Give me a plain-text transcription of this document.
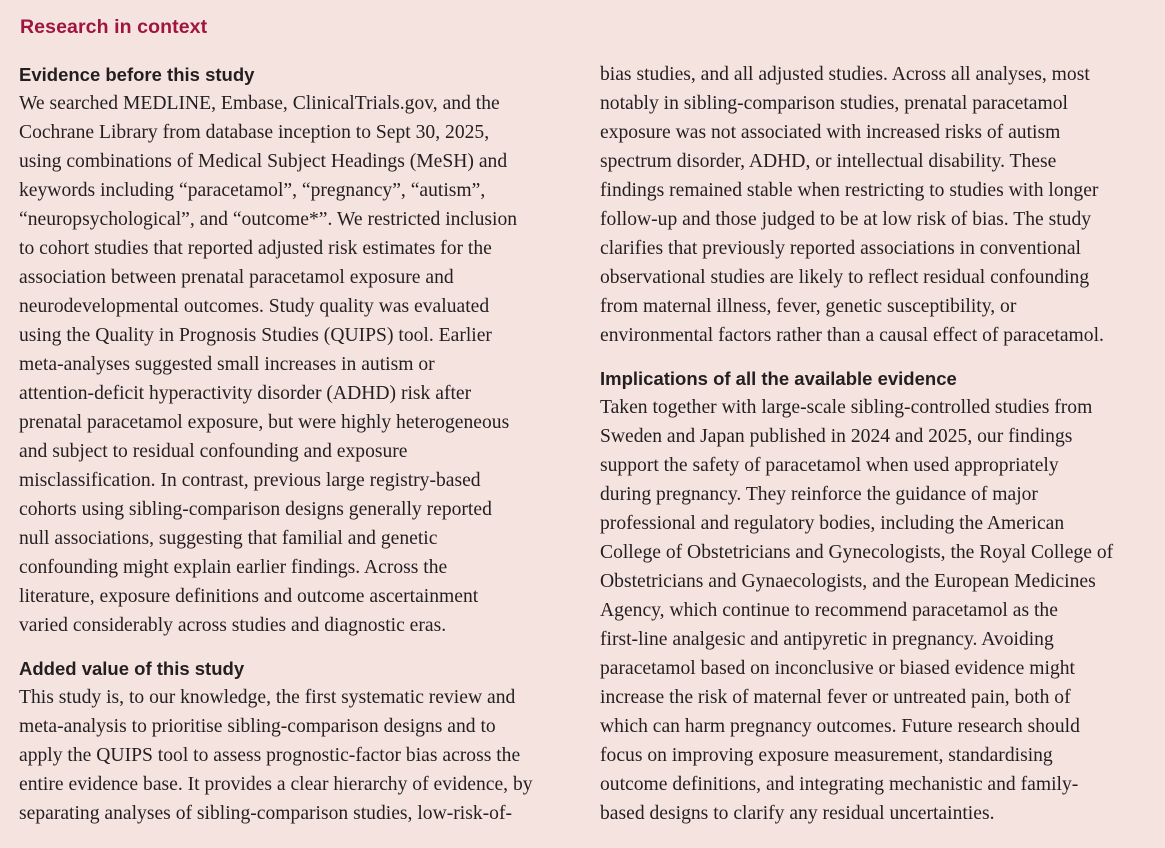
Research in context
Evidence before this study
We searched MEDLINE, Embase, ClinicalTrials.gov, and the
Cochrane Library from database inception to Sept 30, 2025,
using combinations of Medical Subject Headings (MeSH) and
keywords including “paracetamol”, “pregnancy”, “autism”,
“neuropsychological”, and “outcome*”. We restricted inclusion
to cohort studies that reported adjusted risk estimates for the
association between prenatal paracetamol exposure and
neurodevelopmental outcomes. Study quality was evaluated
using the Quality in Prognosis Studies (QUIPS) tool. Earlier
meta-analyses suggested small increases in autism or
attention-deficit hyperactivity disorder (ADHD) risk after
prenatal paracetamol exposure, but were highly heterogeneous
and subject to residual confounding and exposure
misclassification. In contrast, previous large registry-based
cohorts using sibling-comparison designs generally reported
null associations, suggesting that familial and genetic
confounding might explain earlier findings. Across the
literature, exposure definitions and outcome ascertainment
varied considerably across studies and diagnostic eras.
Added value of this study
This study is, to our knowledge, the first systematic review and
meta-analysis to prioritise sibling-comparison designs and to
apply the QUIPS tool to assess prognostic-factor bias across the
entire evidence base. It provides a clear hierarchy of evidence, by
separating analyses of sibling-comparison studies, low-risk-of-
bias studies, and all adjusted studies. Across all analyses, most
notably in sibling-comparison studies, prenatal paracetamol
exposure was not associated with increased risks of autism
spectrum disorder, ADHD, or intellectual disability. These
findings remained stable when restricting to studies with longer
follow-up and those judged to be at low risk of bias. The study
clarifies that previously reported associations in conventional
observational studies are likely to reflect residual confounding
from maternal illness, fever, genetic susceptibility, or
environmental factors rather than a causal effect of paracetamol.
Implications of all the available evidence
Taken together with large-scale sibling-controlled studies from
Sweden and Japan published in 2024 and 2025, our findings
support the safety of paracetamol when used appropriately
during pregnancy. They reinforce the guidance of major
professional and regulatory bodies, including the American
College of Obstetricians and Gynecologists, the Royal College of
Obstetricians and Gynaecologists, and the European Medicines
Agency, which continue to recommend paracetamol as the
first-line analgesic and antipyretic in pregnancy. Avoiding
paracetamol based on inconclusive or biased evidence might
increase the risk of maternal fever or untreated pain, both of
which can harm pregnancy outcomes. Future research should
focus on improving exposure measurement, standardising
outcome definitions, and integrating mechanistic and family-
based designs to clarify any residual uncertainties.
